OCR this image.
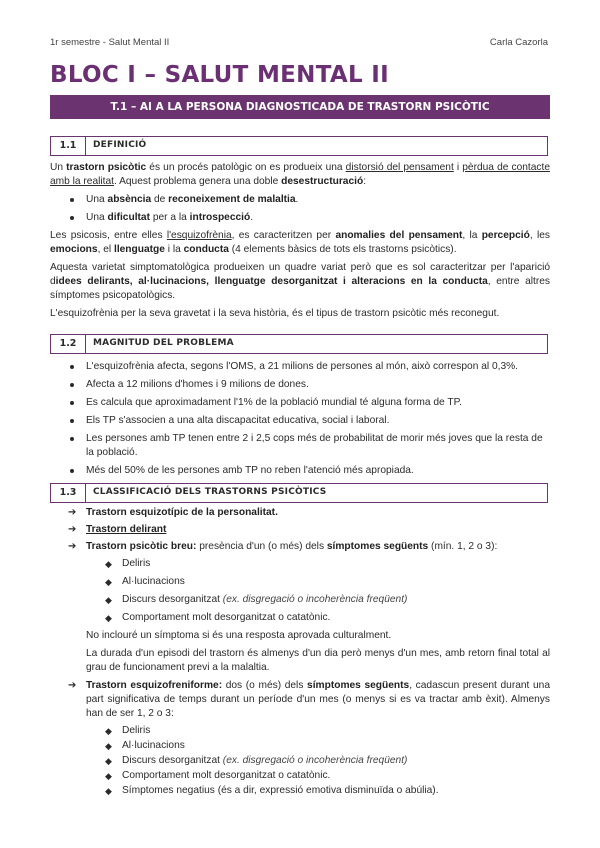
1r semestre - Salut Mental II	Carla Cazorla
BLOC I – SALUT MENTAL II
T.1 – AI A LA PERSONA DIAGNOSTICADA DE TRASTORN PSICÒTIC
1.1	DEFINICIÓ

Un trastorn psicòtic és un procés patològic on es produeix una distorsió del pensament i pèrdua de contacte amb la realitat. Aquest problema genera una doble desestructuració:

Una absència de reconeixement de malaltia.
Una dificultat per a la introspecció.

Les psicosis, entre elles l'esquizofrènia, es caracteritzen per anomalies del pensament, la percepció, les emocions, el llenguatge i la conducta (4 elements bàsics de tots els trastorns psicòtics).

Aquesta varietat simptomatològica produeixen un quadre variat però que es sol caracteritzar per l'aparició didees delirants, al·lucinacions, llenguatge desorganitzat i alteracions en la conducta, entre altres símptomes psicopatològics.

L'esquizofrènia per la seva gravetat i la seva història, és el tipus de trastorn psicòtic més reconegut.

1.2	MAGNITUD DEL PROBLEMA
L'esquizofrènia afecta, segons l'OMS, a 21 milions de persones al món, això correspon al 0,3%.
Afecta a 12 milions d'homes i 9 milions de dones.
Es calcula que aproximadament l'1% de la població mundial té alguna forma de TP.
Els TP s'associen a una alta discapacitat educativa, social i laboral.
Les persones amb TP tenen entre 2 i 2,5 cops més de probabilitat de morir més joves que la resta de la població.
Més del 50% de les persones amb TP no reben l'atenció més apropiada.
1.3	CLASSIFICACIÓ DELS TRASTORNS PSICÒTICS
➔ Trastorn esquizotípic de la personalitat.
➔ Trastorn delirant
➔ Trastorn psicòtic breu: presència d'un (o més) dels símptomes següents (mín. 1, 2 o 3):
◆ Deliris
◆ Al·lucinacions
◆ Discurs desorganitzat (ex. disgregació o incoherència freqüent)
◆ Comportament molt desorganitzat o catatònic.

No inclouré un símptoma si és una resposta aprovada culturalment.

La durada d'un episodi del trastorn és almenys d'un dia però menys d'un mes, amb retorn final total al grau de funcionament previ a la malaltia.

➔ Trastorn esquizofreniforme: dos (o més) dels símptomes següents, cadascun present durant una part significativa de temps durant un període d'un mes (o menys si es va tractar amb èxit). Almenys han de ser 1, 2 o 3:
◆ Deliris
◆ Al·lucinacions
◆ Discurs desorganitzat (ex. disgregació o incoherència freqüent)
◆ Comportament molt desorganitzat o catatònic.
◆ Símptomes negatius (és a dir, expressió emotiva disminuïda o abúlia).
